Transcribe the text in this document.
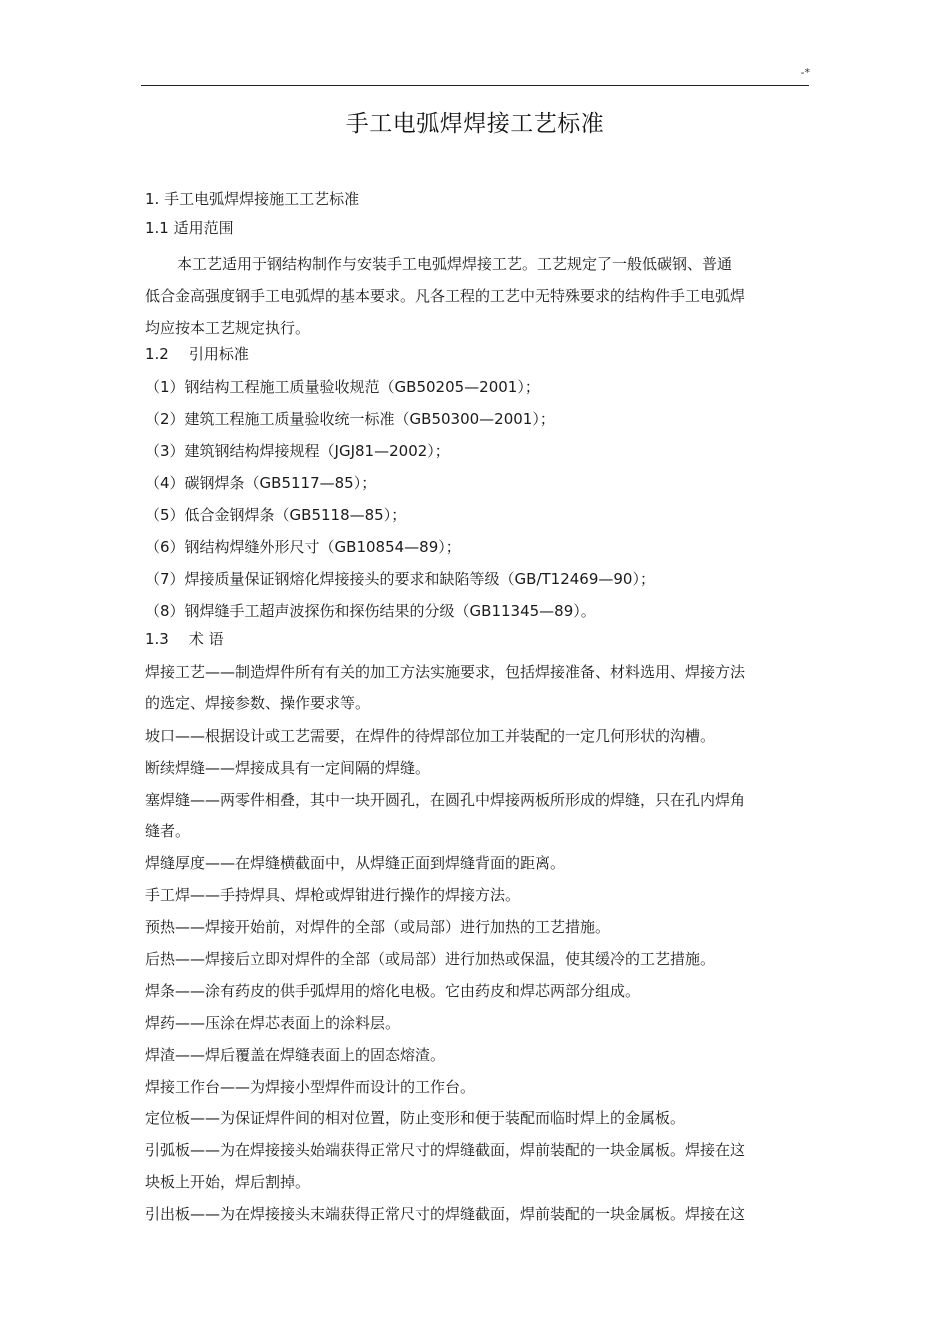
-*
手工电弧焊焊接工艺标准
1. 手工电弧焊焊接施工工艺标准
1.1 适用范围
本工艺适用于钢结构制作与安装手工电弧焊焊接工艺。工艺规定了一般低碳钢、普通
低合金高强度钢手工电弧焊的基本要求。凡各工程的工艺中无特殊要求的结构件手工电弧焊
均应按本工艺规定执行。
1.2 引用标准
（1）钢结构工程施工质量验收规范（GB50205—2001）；
（2）建筑工程施工质量验收统一标准（GB50300—2001）；
（3）建筑钢结构焊接规程（JGJ81—2002）；
（4）碳钢焊条（GB5117—85）；
（5）低合金钢焊条（GB5118—85）；
（6）钢结构焊缝外形尺寸（GB10854—89）；
（7）焊接质量保证钢熔化焊接接头的要求和缺陷等级（GB/T12469—90）；
（8）钢焊缝手工超声波探伤和探伤结果的分级（GB11345—89）。
1.3 术 语
焊接工艺——制造焊件所有有关的加工方法实施要求，包括焊接准备、材料选用、焊接方法
的选定、焊接参数、操作要求等。
坡口——根据设计或工艺需要，在焊件的待焊部位加工并装配的一定几何形状的沟槽。
断续焊缝——焊接成具有一定间隔的焊缝。
塞焊缝——两零件相叠，其中一块开圆孔，在圆孔中焊接两板所形成的焊缝，只在孔内焊角
缝者。
焊缝厚度——在焊缝横截面中，从焊缝正面到焊缝背面的距离。
手工焊——手持焊具、焊枪或焊钳进行操作的焊接方法。
预热——焊接开始前，对焊件的全部（或局部）进行加热的工艺措施。
后热——焊接后立即对焊件的全部（或局部）进行加热或保温，使其缓冷的工艺措施。
焊条——涂有药皮的供手弧焊用的熔化电极。它由药皮和焊芯两部分组成。
焊药——压涂在焊芯表面上的涂料层。
焊渣——焊后覆盖在焊缝表面上的固态熔渣。
焊接工作台——为焊接小型焊件而设计的工作台。
定位板——为保证焊件间的相对位置，防止变形和便于装配而临时焊上的金属板。
引弧板——为在焊接接头始端获得正常尺寸的焊缝截面，焊前装配的一块金属板。焊接在这
块板上开始，焊后割掉。
引出板——为在焊接接头末端获得正常尺寸的焊缝截面，焊前装配的一块金属板。焊接在这
